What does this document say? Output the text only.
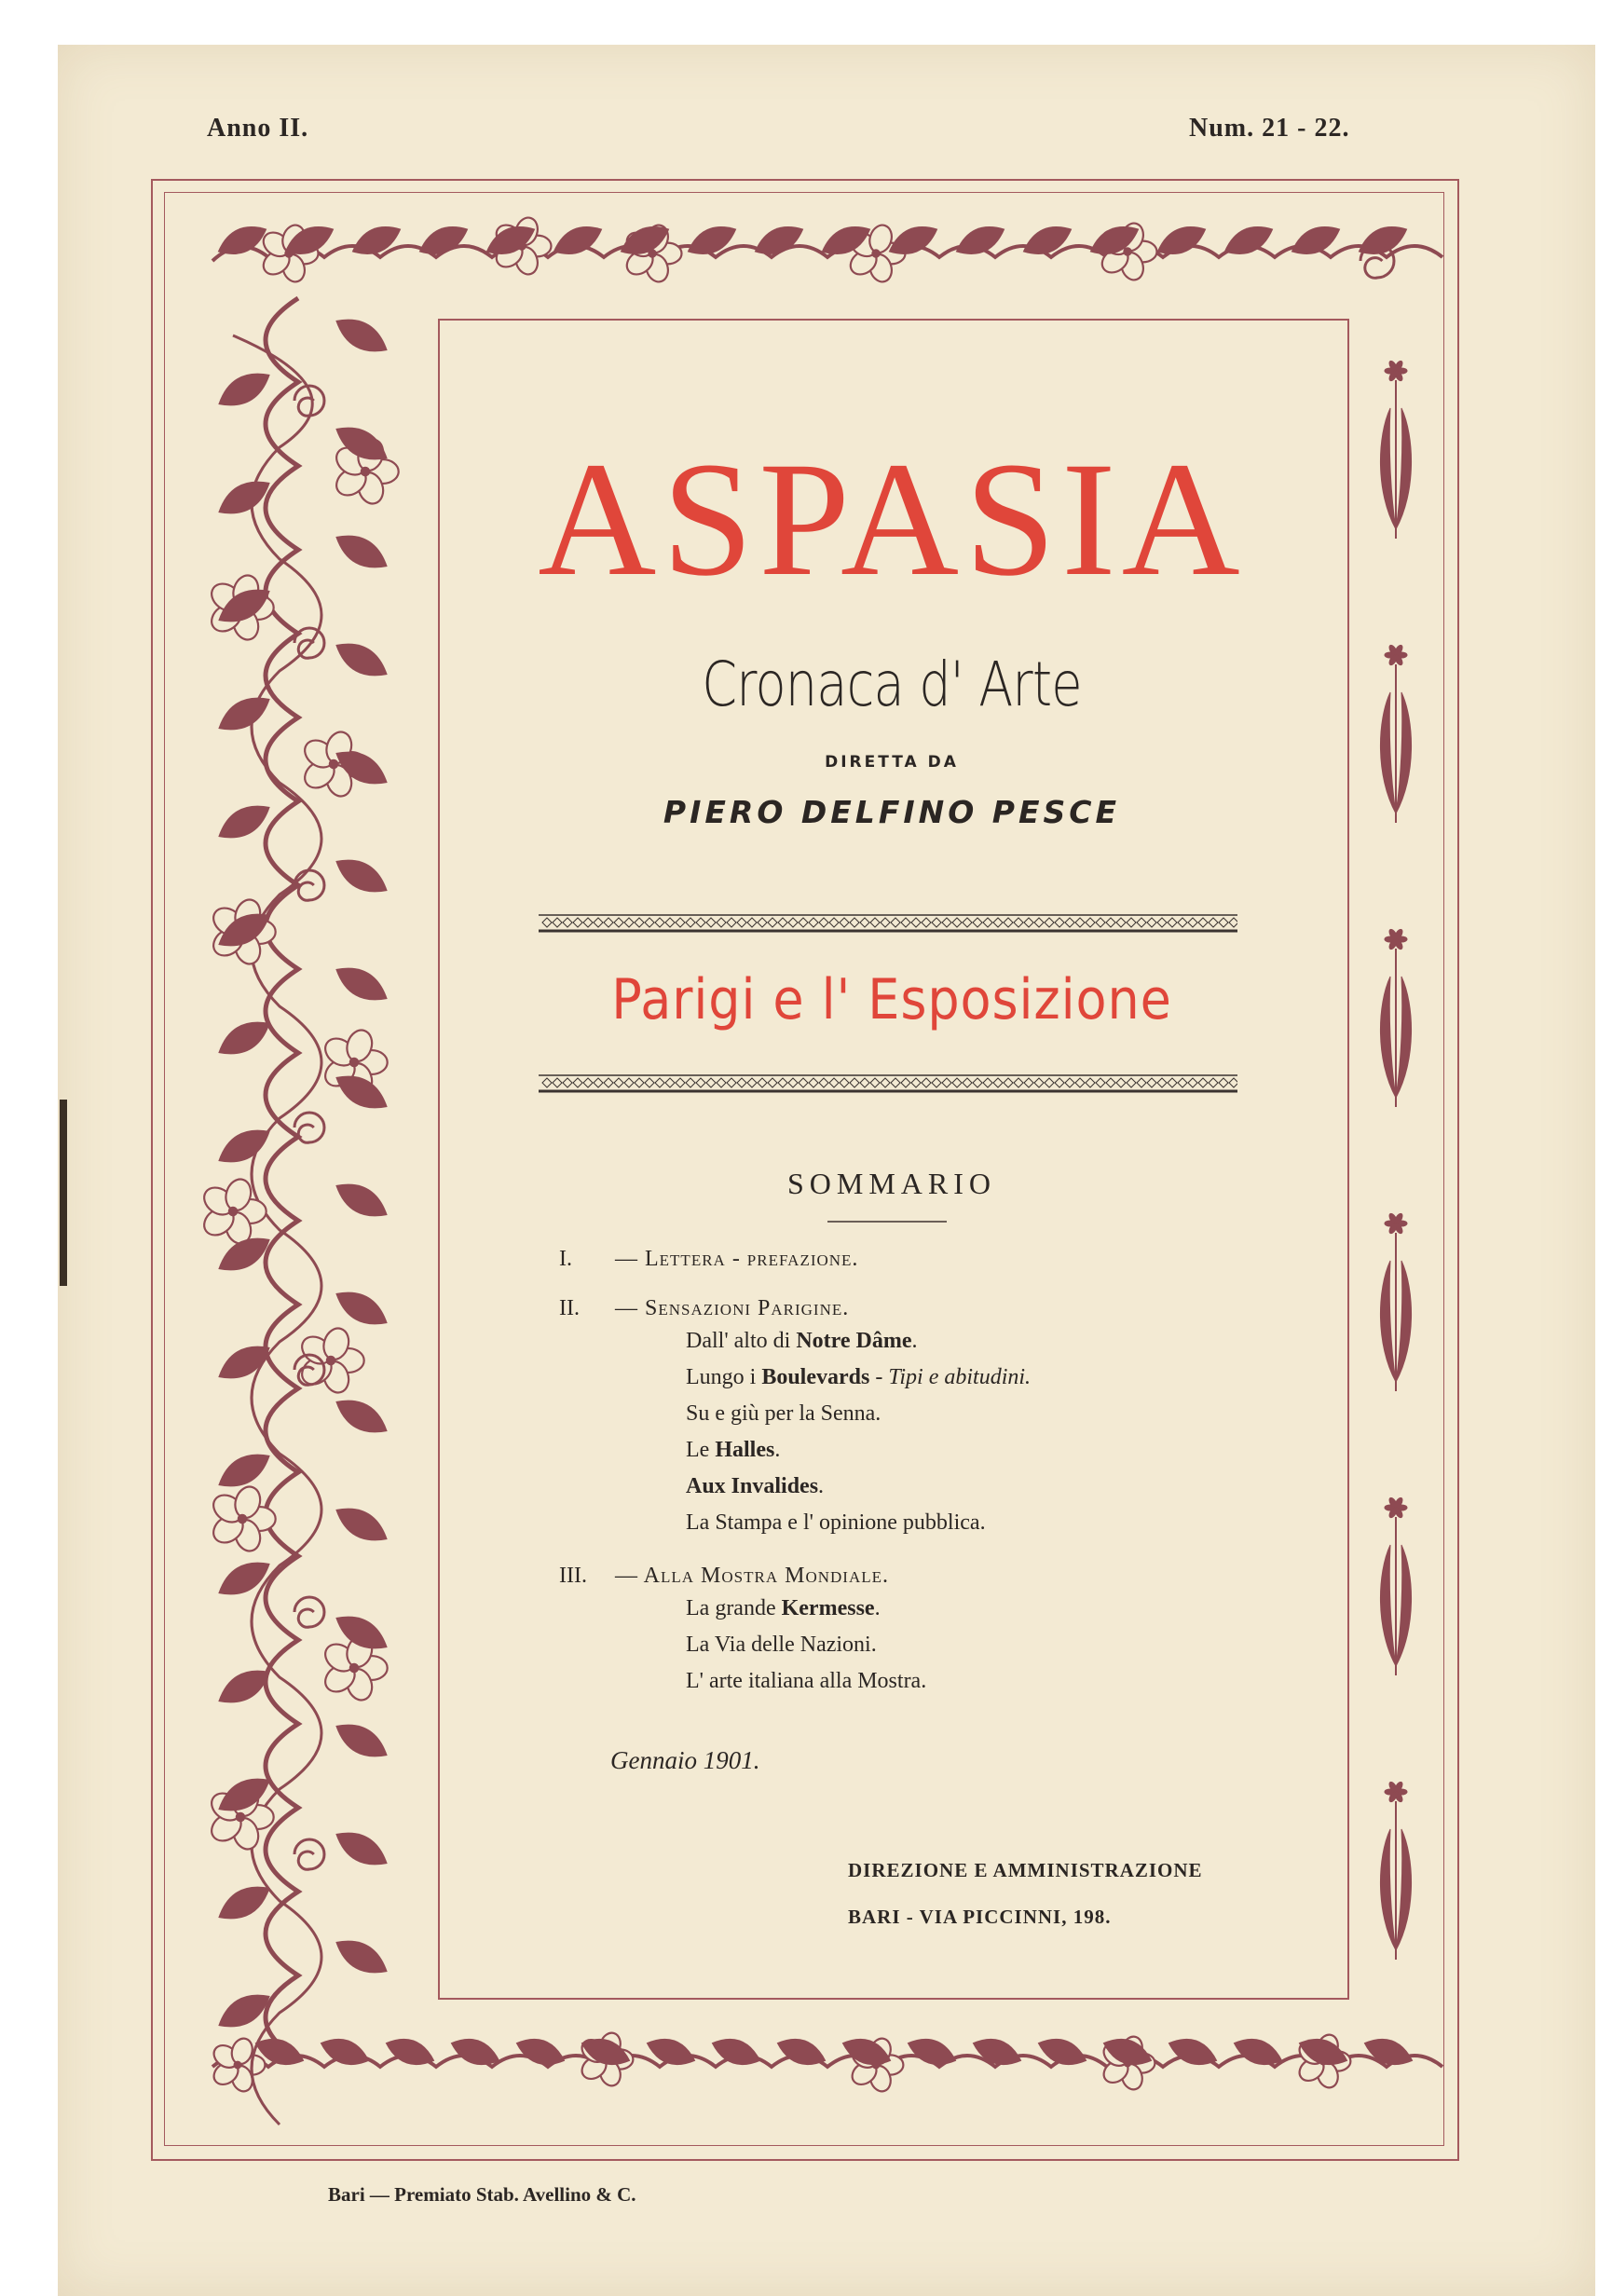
Anno II.	Num. 21 - 22.
ASPASIA
Cronaca d' Arte
DIRETTA DA
PIERO DELFINO PESCE
Parigi e l' Esposizione
SOMMARIO
I. — Lettera - prefazione.
II. — Sensazioni Parigine.
Dall' alto di Notre Dâme.
Lungo i Boulevards - Tipi e abitudini.
Su e giù per la Senna.
Le Halles.
Aux Invalides.
La Stampa e l' opinione pubblica.
III. — Alla Mostra Mondiale.
La grande Kermesse.
La Via delle Nazioni.
L' arte italiana alla Mostra.
Gennaio 1901.
DIREZIONE E AMMINISTRAZIONE
BARI - VIA PICCINNI, 198.
Bari — Premiato Stab. Avellino & C.
